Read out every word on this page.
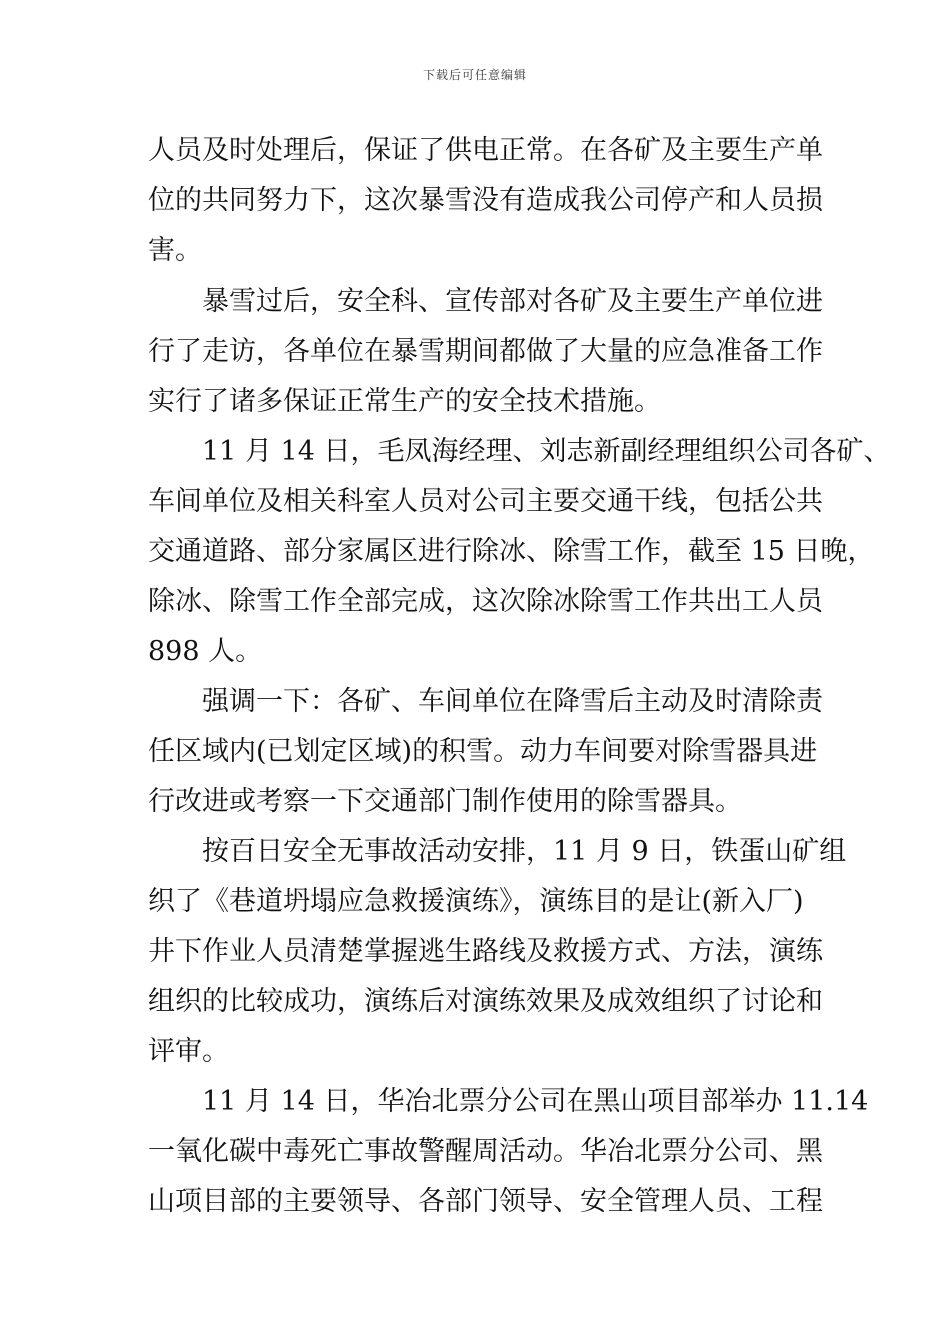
下载后可任意编辑
人员及时处理后，保证了供电正常。在各矿及主要生产单
位的共同努力下，这次暴雪没有造成我公司停产和人员损
害。
　　暴雪过后，安全科、宣传部对各矿及主要生产单位进
行了走访，各单位在暴雪期间都做了大量的应急准备工作
实行了诸多保证正常生产的安全技术措施。
　　11 月 14 日，毛凤海经理、刘志新副经理组织公司各矿、
车间单位及相关科室人员对公司主要交通干线，包括公共
交通道路、部分家属区进行除冰、除雪工作，截至 15 日晚，
除冰、除雪工作全部完成，这次除冰除雪工作共出工人员
898 人。
　　强调一下：各矿、车间单位在降雪后主动及时清除责
任区域内(已划定区域)的积雪。动力车间要对除雪器具进
行改进或考察一下交通部门制作使用的除雪器具。
　　按百日安全无事故活动安排，11 月 9 日，铁蛋山矿组
织了《巷道坍塌应急救援演练》，演练目的是让(新入厂)
井下作业人员清楚掌握逃生路线及救援方式、方法，演练
组织的比较成功，演练后对演练效果及成效组织了讨论和
评审。
　　11 月 14 日，华冶北票分公司在黑山项目部举办 11.14
一氧化碳中毒死亡事故警醒周活动。华冶北票分公司、黑
山项目部的主要领导、各部门领导、安全管理人员、工程
